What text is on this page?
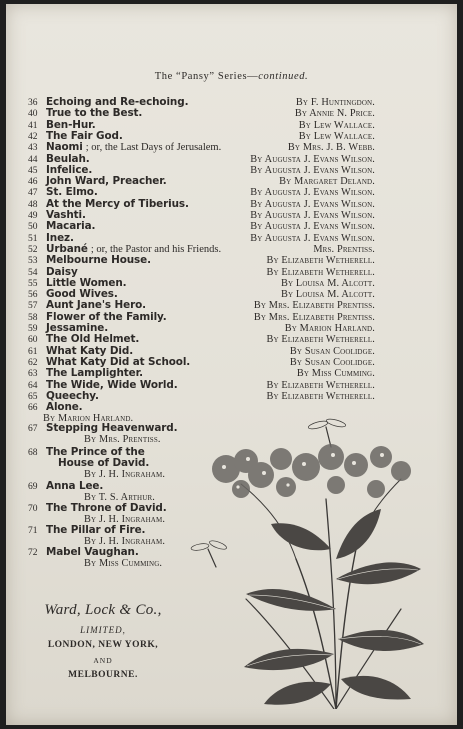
The “Pansy” Series—continued.
36 Echoing and Re-echoing.	By F. Huntingdon.
40 True to the Best.	By Annie N. Price.
41 Ben-Hur.	By Lew Wallace.
42 The Fair God.	By Lew Wallace.
43 Naomi ; or, the Last Days of Jerusalem.	By Mrs. J. B. Webb.
44 Beulah.	By Augusta J. Evans Wilson.
45 Infelice.	By Augusta J. Evans Wilson.
46 John Ward, Preacher.	By Margaret Deland.
47 St. Elmo.	By Augusta J. Evans Wilson.
48 At the Mercy of Tiberius.	By Augusta J. Evans Wilson.
49 Vashti.	By Augusta J. Evans Wilson.
50 Macaria.	By Augusta J. Evans Wilson.
51 Inez.	By Augusta J. Evans Wilson.
52 Urbané ; or, the Pastor and his Friends.	Mrs. Prentiss.
53 Melbourne House.	By Elizabeth Wetherell.
54 Daisy	By Elizabeth Wetherell.
55 Little Women.	By Louisa M. Alcott.
56 Good Wives.	By Louisa M. Alcott.
57 Aunt Jane's Hero.	By Mrs. Elizabeth Prentiss.
58 Flower of the Family.	By Mrs. Elizabeth Prentiss.
59 Jessamine.	By Marion Harland.
60 The Old Helmet.	By Elizabeth Wetherell.
61 What Katy Did.	By Susan Coolidge.
62 What Katy Did at School.	By Susan Coolidge.
63 The Lamplighter.	By Miss Cumming.
64 The Wide, Wide World.	By Elizabeth Wetherell.
65 Queechy.	By Elizabeth Wetherell.
66 Alone.
By Marion Harland.
67 Stepping Heavenward.
By Mrs. Prentiss.
68 The Prince of the
House of David.
By J. H. Ingraham.
69 Anna Lee.
By T. S. Arthur.
70 The Throne of David.
By J. H. Ingraham.
71 The Pillar of Fire.
By J. H. Ingraham.
72 Mabel Vaughan.
By Miss Cumming.
Ward, Lock & Co.,
LIMITED,
LONDON, NEW YORK,
AND
MELBOURNE.
